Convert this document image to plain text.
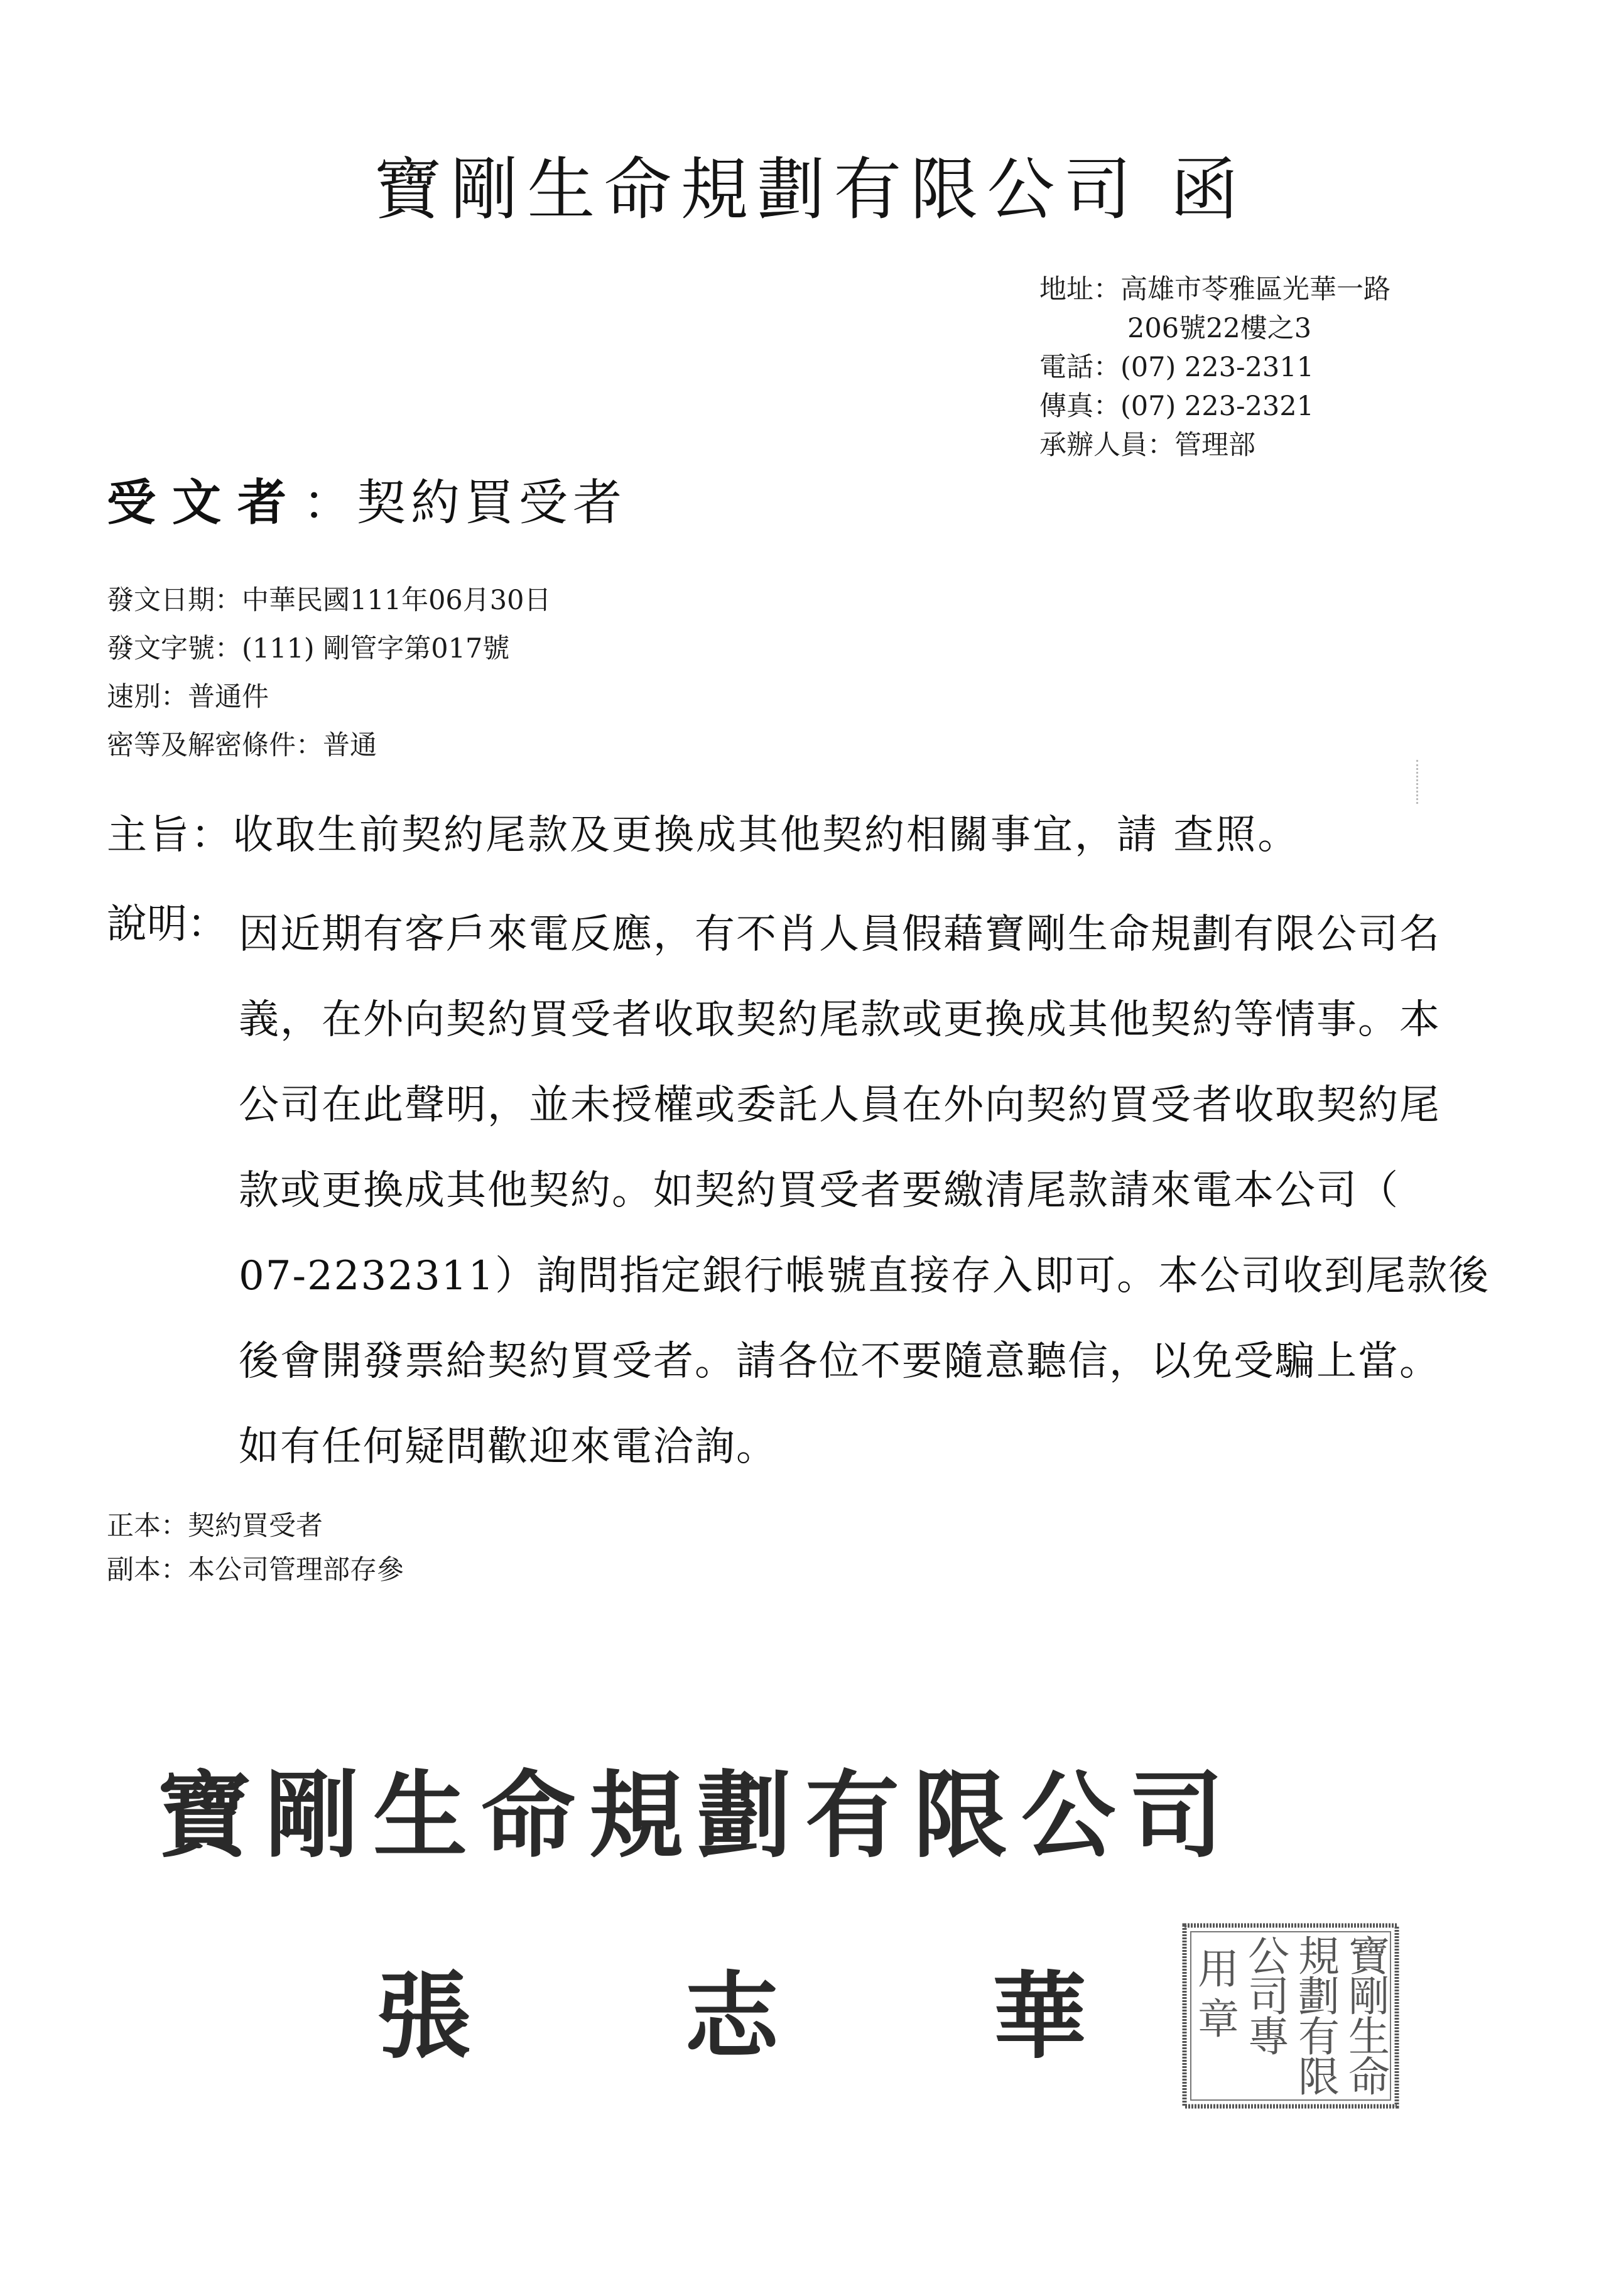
寶剛生命規劃有限公司 函
地址：高雄市苓雅區光華一路
206號22樓之3
電話：(07) 223-2311
傳真：(07) 223-2321
承辦人員：管理部
受文者：契約買受者
發文日期：中華民國111年06月30日
發文字號：(111) 剛管字第017號
速別：普通件
密等及解密條件：普通
主旨：收取生前契約尾款及更換成其他契約相關事宜，請 查照。
說明： 因近期有客戶來電反應，有不肖人員假藉寶剛生命規劃有限公司名
義，在外向契約買受者收取契約尾款或更換成其他契約等情事。本
公司在此聲明，並未授權或委託人員在外向契約買受者收取契約尾
款或更換成其他契約。如契約買受者要繳清尾款請來電本公司（
07-2232311）詢問指定銀行帳號直接存入即可。本公司收到尾款後
後會開發票給契約買受者。請各位不要隨意聽信，以免受騙上當。
如有任何疑問歡迎來電洽詢。
正本：契約買受者
副本：本公司管理部存參
寶剛生命規劃有限公司
張 志 華
寶
剛
生
命
規
劃
有
限
公
司
專
用
章
